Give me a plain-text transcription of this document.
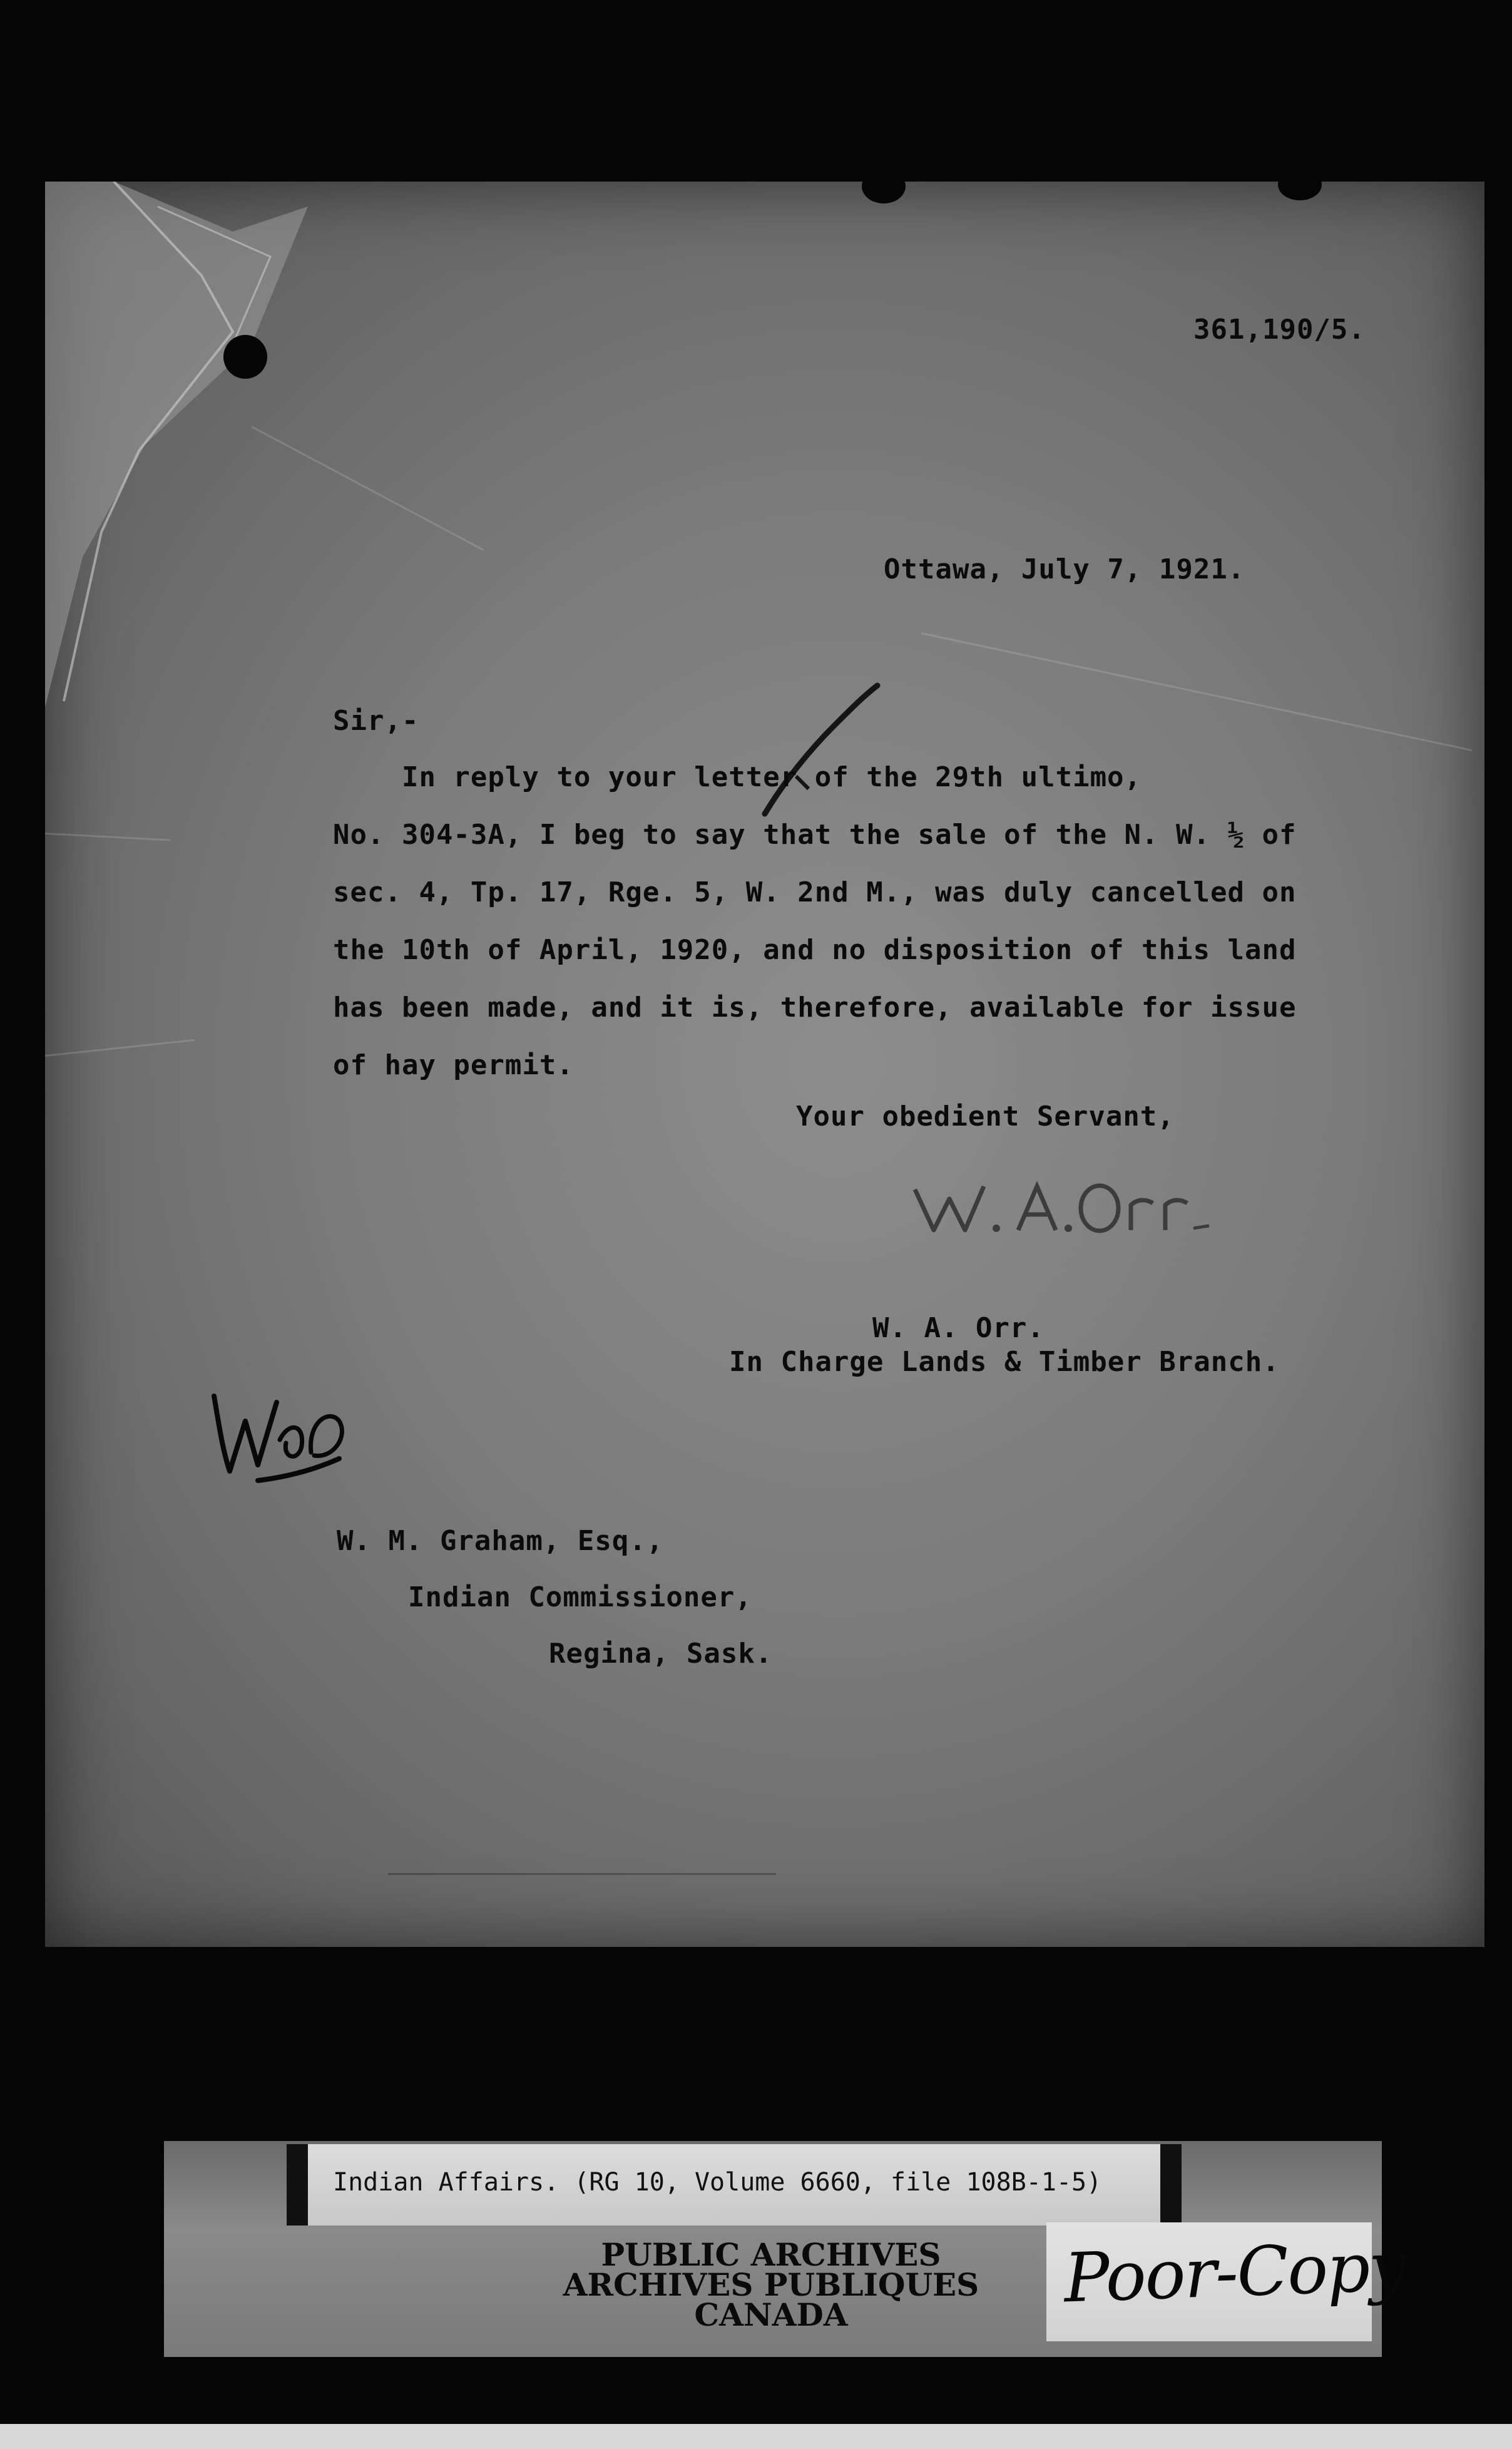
361,190/5.
Ottawa, July 7, 1921.
Sir,-
In reply to your letter of the 29th ultimo,
No. 304-3A, I beg to say that the sale of the N. W. ½ of
sec. 4, Tp. 17, Rge. 5, W. 2nd M., was duly cancelled on
the 10th of April, 1920, and no disposition of this land
has been made, and it is, therefore, available for issue
of hay permit.
Your obedient Servant,
W. A. Orr.
In Charge Lands & Timber Branch.
W. M. Graham, Esq.,
Indian Commissioner,
Regina, Sask.
Indian Affairs. (RG 10, Volume 6660, file 108B-1-5)
PUBLIC ARCHIVES
ARCHIVES PUBLIQUES
CANADA	Poor-Copy
